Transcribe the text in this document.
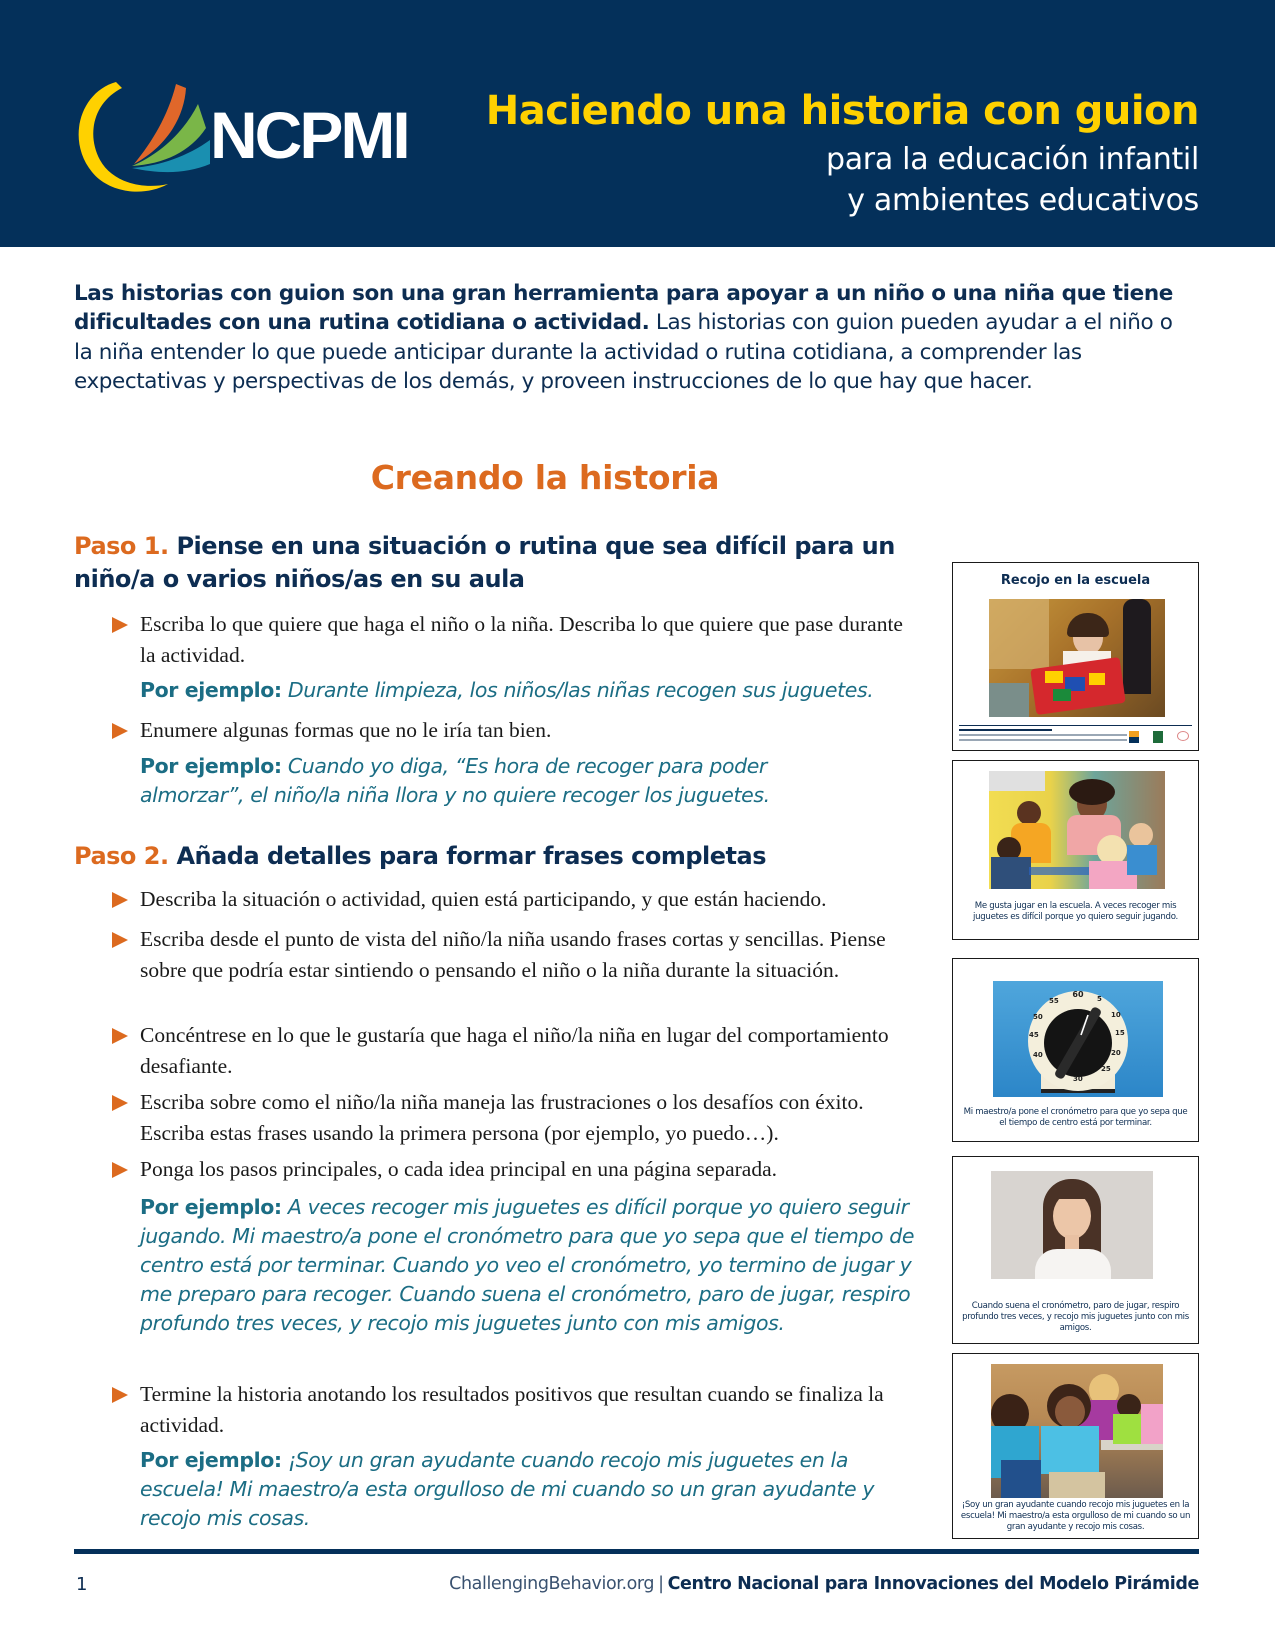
NCPMI Haciendo una historia con guion
para la educación infantil
y ambientes educativos

Las historias con guion son una gran herramienta para apoyar a un niño o una niña que tiene dificultades con una rutina cotidiana o actividad. Las historias con guion pueden ayudar a el niño o la niña entender lo que puede anticipar durante la actividad o rutina cotidiana, a comprender las expectativas y perspectivas de los demás, y proveen instrucciones de lo que hay que hacer.

Creando la historia
Paso 1. Piense en una situación o rutina que sea difícil para un niño/a o varios niños/as en su aula
Escriba lo que quiere que haga el niño o la niña. Describa lo que quiere que pase durante la actividad.

Por ejemplo: Durante limpieza, los niños/las niñas recogen sus juguetes.

Enumere algunas formas que no le iría tan bien.

Por ejemplo: Cuando yo diga, “Es hora de recoger para poder almorzar”, el niño/la niña llora y no quiere recoger los juguetes.

Paso 2. Añada detalles para formar frases completas
Describa la situación o actividad, quien está participando, y que están haciendo.
Escriba desde el punto de vista del niño/la niña usando frases cortas y sencillas. Piense sobre que podría estar sintiendo o pensando el niño o la niña durante la situación.
Concéntrese en lo que le gustaría que haga el niño/la niña en lugar del comportamiento desafiante.
Escriba sobre como el niño/la niña maneja las frustraciones o los desafíos con éxito. Escriba estas frases usando la primera persona (por ejemplo, yo puedo…).
Ponga los pasos principales, o cada idea principal en una página separada.

Por ejemplo: A veces recoger mis juguetes es difícil porque yo quiero seguir jugando. Mi maestro/a pone el cronómetro para que yo sepa que el tiempo de centro está por terminar. Cuando yo veo el cronómetro, yo termino de jugar y me preparo para recoger. Cuando suena el cronómetro, paro de jugar, respiro profundo tres veces, y recojo mis juguetes junto con mis amigos.

Termine la historia anotando los resultados positivos que resultan cuando se finaliza la actividad.

Por ejemplo: ¡Soy un gran ayudante cuando recojo mis juguetes en la escuela! Mi maestro/a esta orgulloso de mi cuando so un gran ayudante y recojo mis cosas.

Recojo en la escuela
Me gusta jugar en la escuela. A veces recoger mis juguetes es difícil porque yo quiero seguir jugando.
60 5
10
15
20
25
30
40
45
50
55
Mi maestro/a pone el cronómetro para que yo sepa que el tiempo de centro está por terminar.
Cuando suena el cronómetro, paro de jugar, respiro profundo tres veces, y recojo mis juguetes junto con mis amigos.
¡Soy un gran ayudante cuando recojo mis juguetes en la escuela! Mi maestro/a esta orgulloso de mi cuando so un gran ayudante y recojo mis cosas.
1	ChallengingBehavior.org | Centro Nacional para Innovaciones del Modelo Pirámide
